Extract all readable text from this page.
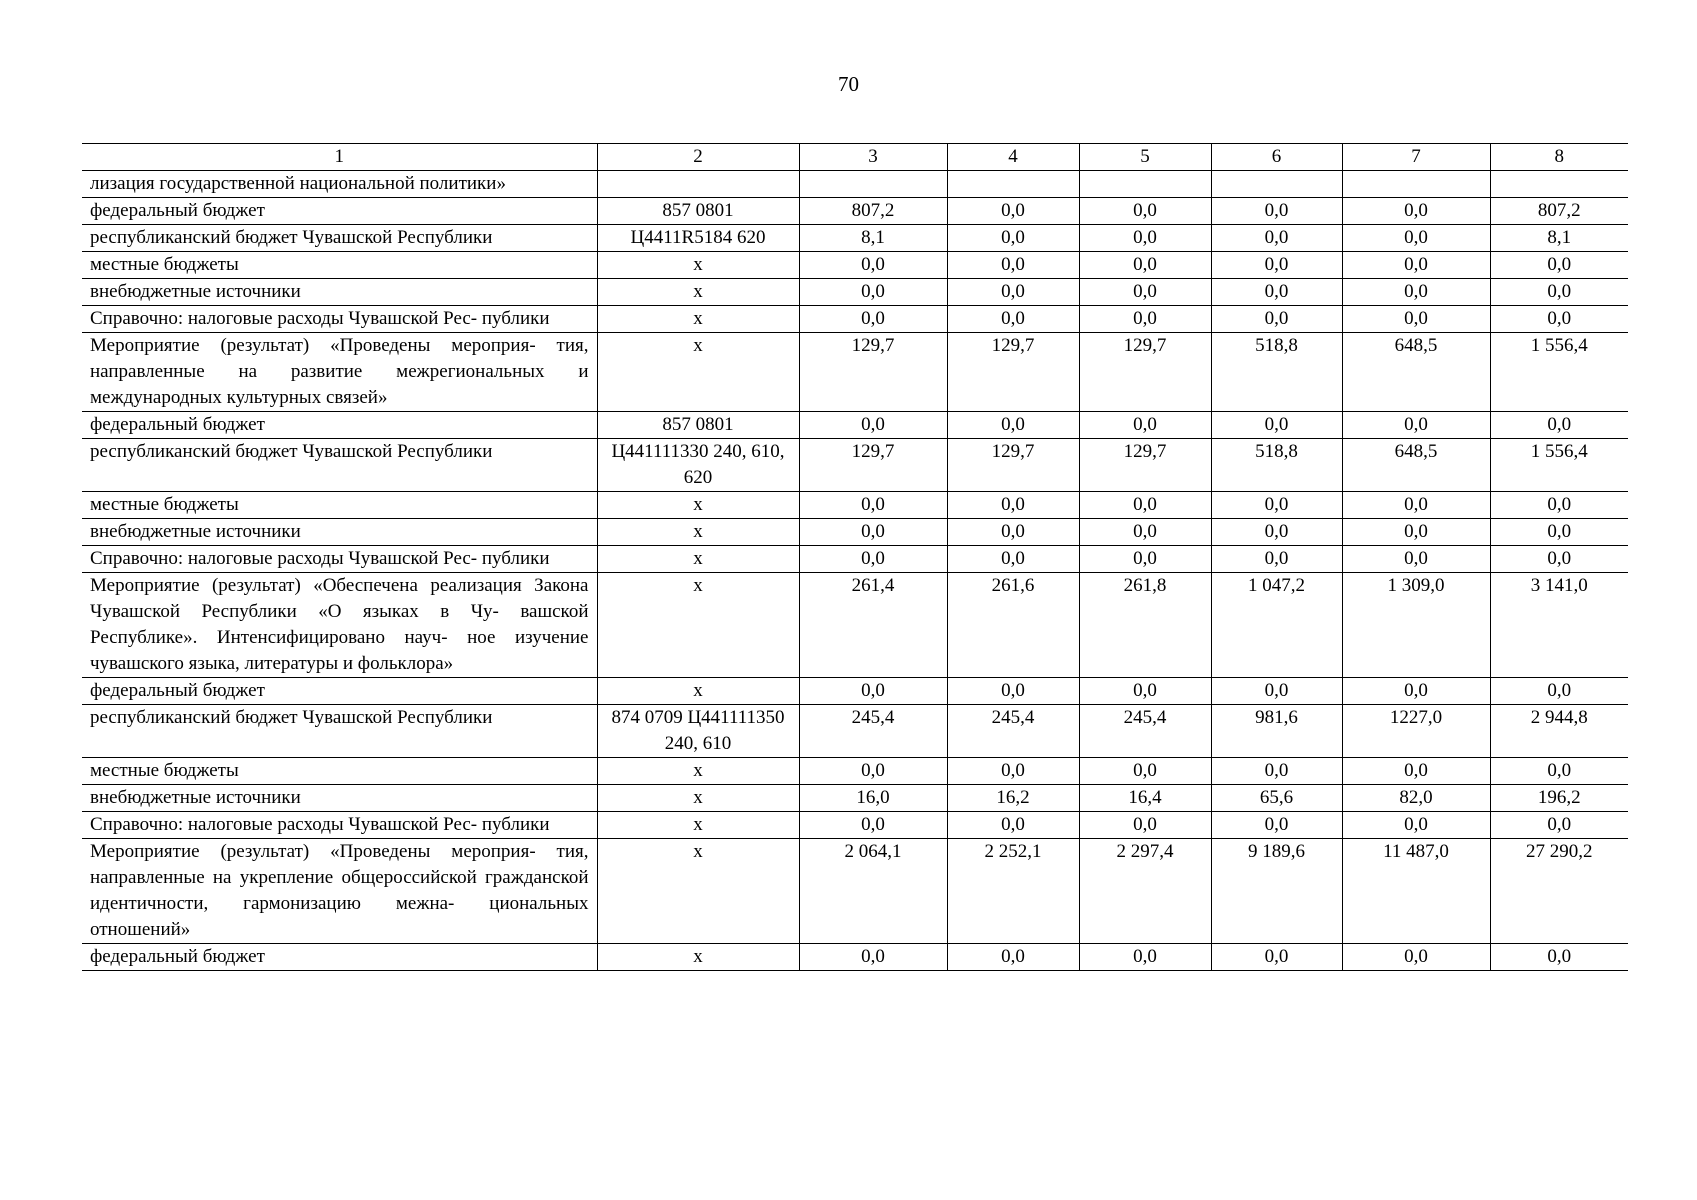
70
1	2	3	4	5	6	7	8
лизация государственной национальной политики»							
федеральный бюджет	857 0801	807,2	0,0	0,0	0,0	0,0	807,2
республиканский бюджет Чувашской Республики	Ц4411R5184 620	8,1	0,0	0,0	0,0	0,0	8,1
местные бюджеты	х	0,0	0,0	0,0	0,0	0,0	0,0
внебюджетные источники	х	0,0	0,0	0,0	0,0	0,0	0,0
Справочно: налоговые расходы Чувашской Рес- публики	х	0,0	0,0	0,0	0,0	0,0	0,0
Мероприятие (результат) «Проведены мероприя- тия, направленные на развитие межрегиональных и международных культурных связей»	х	129,7	129,7	129,7	518,8	648,5	1 556,4
федеральный бюджет	857 0801	0,0	0,0	0,0	0,0	0,0	0,0
республиканский бюджет Чувашской Республики	Ц441111330 240, 610, 620	129,7	129,7	129,7	518,8	648,5	1 556,4
местные бюджеты	х	0,0	0,0	0,0	0,0	0,0	0,0
внебюджетные источники	х	0,0	0,0	0,0	0,0	0,0	0,0
Справочно: налоговые расходы Чувашской Рес- публики	х	0,0	0,0	0,0	0,0	0,0	0,0
Мероприятие (результат) «Обеспечена реализация Закона Чувашской Республики «О языках в Чу- вашской Республике». Интенсифицировано науч- ное изучение чувашского языка, литературы и фольклора»	х	261,4	261,6	261,8	1 047,2	1 309,0	3 141,0
федеральный бюджет	х	0,0	0,0	0,0	0,0	0,0	0,0
республиканский бюджет Чувашской Республики	874 0709 Ц441111350 240, 610	245,4	245,4	245,4	981,6	1227,0	2 944,8
местные бюджеты	х	0,0	0,0	0,0	0,0	0,0	0,0
внебюджетные источники	х	16,0	16,2	16,4	65,6	82,0	196,2
Справочно: налоговые расходы Чувашской Рес- публики	х	0,0	0,0	0,0	0,0	0,0	0,0
Мероприятие (результат) «Проведены мероприя- тия, направленные на укрепление общероссийской гражданской идентичности, гармонизацию межна- циональных отношений»	х	2 064,1	2 252,1	2 297,4	9 189,6	11 487,0	27 290,2
федеральный бюджет	х	0,0	0,0	0,0	0,0	0,0	0,0
